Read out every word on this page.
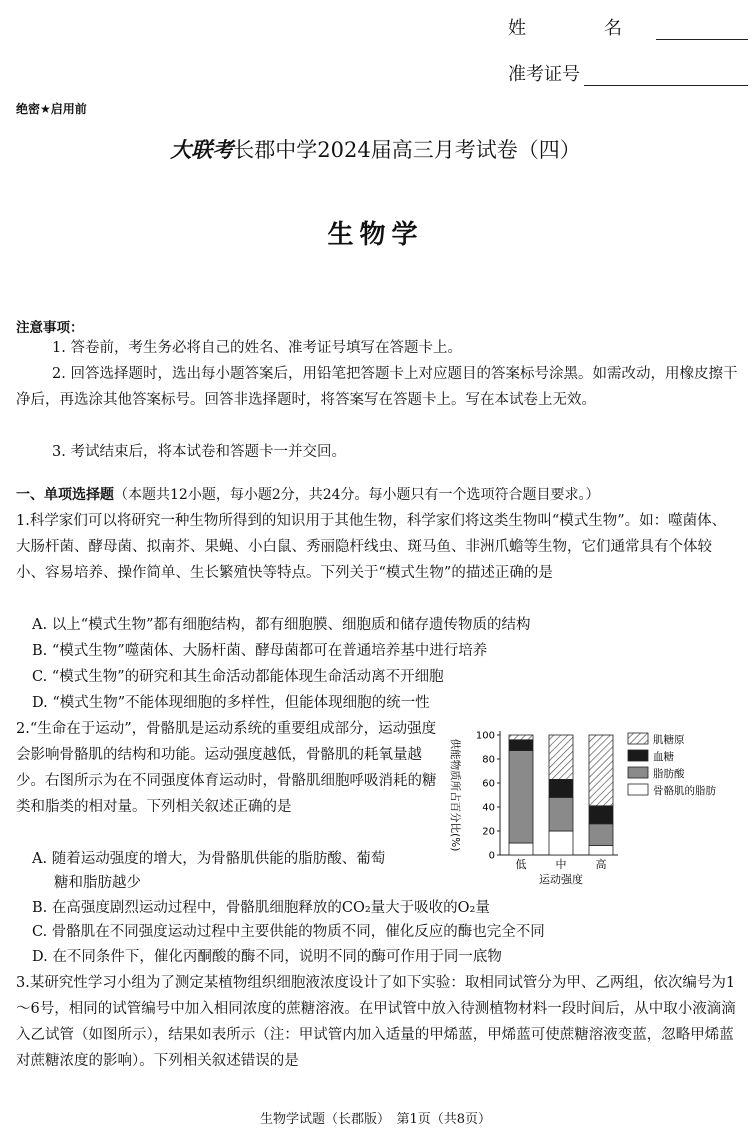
姓　名
准考证号
绝密★启用前
大联考长郡中学2024届高三月考试卷（四）
生物学
注意事项：
1. 答卷前，考生务必将自己的姓名、准考证号填写在答题卡上。
2. 回答选择题时，选出每小题答案后，用铅笔把答题卡上对应题目的答案标号涂黑。如需改动，用橡皮擦干净后，再选涂其他答案标号。回答非选择题时，将答案写在答题卡上。写在本试卷上无效。
3. 考试结束后，将本试卷和答题卡一并交回。
一、单项选择题（本题共12小题，每小题2分，共24分。每小题只有一个选项符合题目要求。）
1.科学家们可以将研究一种生物所得到的知识用于其他生物，科学家们将这类生物叫“模式生物”。如：噬菌体、大肠杆菌、酵母菌、拟南芥、果蝇、小白鼠、秀丽隐杆线虫、斑马鱼、非洲爪蟾等生物，它们通常具有个体较小、容易培养、操作简单、生长繁殖快等特点。下列关于“模式生物”的描述正确的是
A. 以上“模式生物”都有细胞结构，都有细胞膜、细胞质和储存遗传物质的结构
B. “模式生物”噬菌体、大肠杆菌、酵母菌都可在普通培养基中进行培养
C. “模式生物”的研究和其生命活动都能体现生命活动离不开细胞
D. “模式生物”不能体现细胞的多样性，但能体现细胞的统一性
2.“生命在于运动”，骨骼肌是运动系统的重要组成部分，运动强度会影响骨骼肌的结构和功能。运动强度越低，骨骼肌的耗氧量越少。右图所示为在不同强度体育运动时，骨骼肌细胞呼吸消耗的糖类和脂类的相对量。下列相关叙述正确的是
A. 随着运动强度的增大，为骨骼肌供能的脂肪酸、葡萄
糖和脂肪越少
B. 在高强度剧烈运动过程中，骨骼肌细胞释放的CO₂量大于吸收的O₂量
C. 骨骼肌在不同强度运动过程中主要供能的物质不同，催化反应的酶也完全不同
D. 在不同条件下，催化丙酮酸的酶不同，说明不同的酶可作用于同一底物
供能物质所占百分比(%)
0
20
40
60
80
100
低	中	高
运动强度
肌糖原
血糖
脂肪酸
骨骼肌的脂肪
3.某研究性学习小组为了测定某植物组织细胞液浓度设计了如下实验：取相同试管分为甲、乙两组，依次编号为1～6号，相同的试管编号中加入相同浓度的蔗糖溶液。在甲试管中放入待测植物材料一段时间后，从中取小液滴滴入乙试管（如图所示），结果如表所示（注：甲试管内加入适量的甲烯蓝，甲烯蓝可使蔗糖溶液变蓝，忽略甲烯蓝对蔗糖浓度的影响）。下列相关叙述错误的是
生物学试题（长郡版）　第1页（共8页）
